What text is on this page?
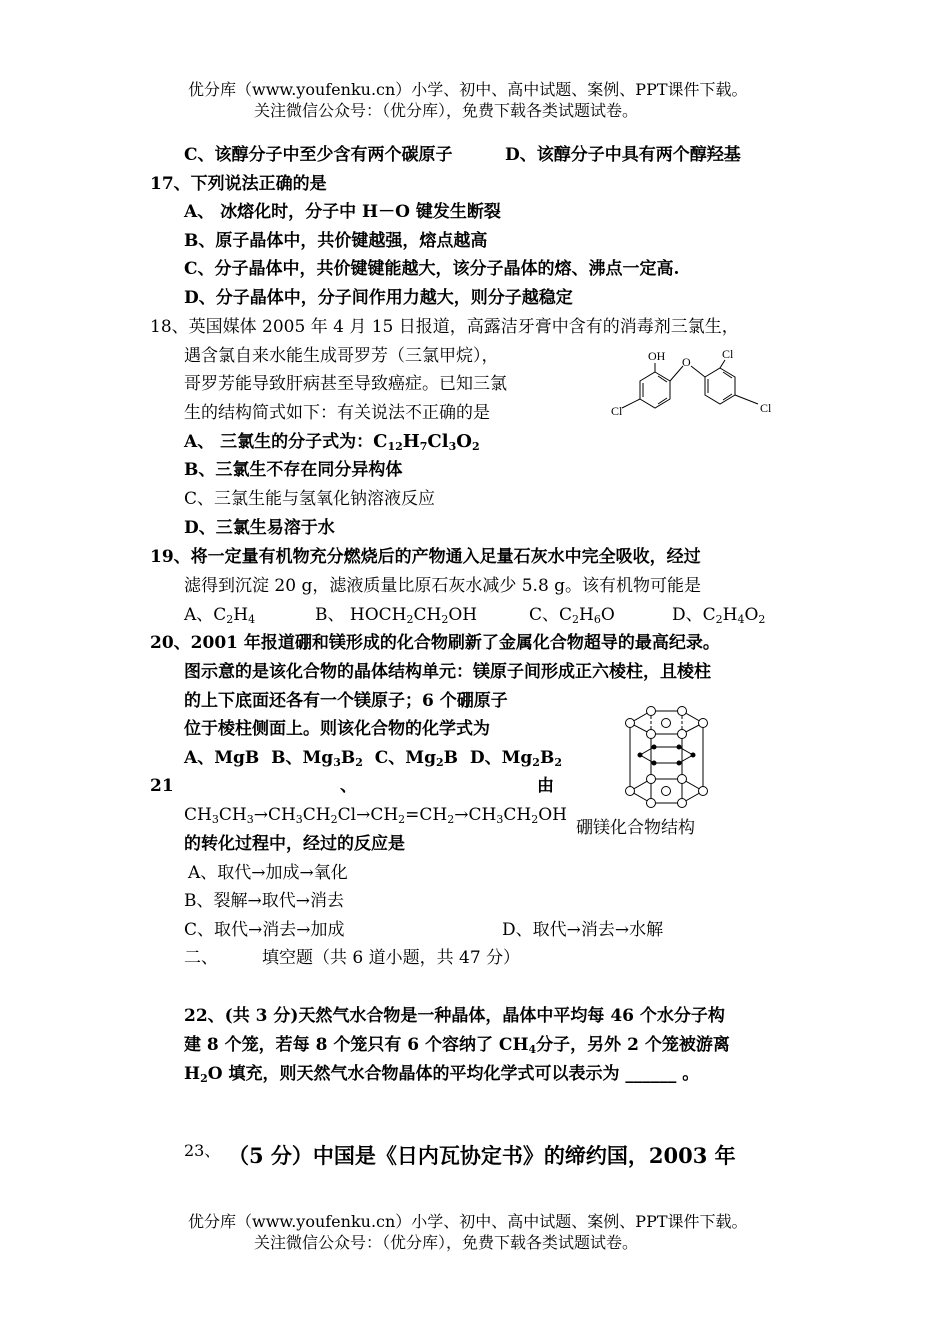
优分库（www.youfenku.cn）小学、初中、高中试题、案例、PPT课件下载。
关注微信公众号：（优分库），免费下载各类试题试卷。
C、该醇分子中至少含有两个碳原子	D、该醇分子中具有两个醇羟基
17、下列说法正确的是
A、 冰熔化时，分子中 H－O 键发生断裂
B、原子晶体中，共价键越强，熔点越高
C、分子晶体中，共价键键能越大，该分子晶体的熔、沸点一定高.
D、分子晶体中，分子间作用力越大，则分子越稳定
18、英国媒体 2005 年 4 月 15 日报道，高露洁牙膏中含有的消毒剂三氯生，
遇含氯自来水能生成哥罗芳（三氯甲烷），
哥罗芳能导致肝病甚至导致癌症。已知三氯
生的结构简式如下：有关说法不正确的是
A、 三氯生的分子式为：$C_{12}H_7Cl_3O_2$
B、三氯生不存在同分异构体
C、三氯生能与氢氧化钠溶液反应
D、三氯生易溶于水
OH O
Cl
Cl	Cl
19、将一定量有机物充分燃烧后的产物通入足量石灰水中完全吸收，经过
滤得到沉淀 20 g，滤液质量比原石灰水减少 5.8 g。该有机物可能是
A、$C_2H_4$	B、 $HOCH_2CH_2OH$	C、$C_2H_6O$	D、$C_2H_4O_2$
20、2001 年报道硼和镁形成的化合物刷新了金属化合物超导的最高纪录。
图示意的是该化合物的晶体结构单元：镁原子间形成正六棱柱，且棱柱
的上下底面还各有一个镁原子；6 个硼原子
位于棱柱侧面上。则该化合物的化学式为
A、MgB B、$Mg_3B_2$ C、$Mg_2B$ D、$Mg_2B_2$
硼镁化合物结构
21	、	由
$CH_3CH_3\to CH_3CH_2Cl\to CH_2=CH_2\to CH_3CH_2OH$
的转化过程中，经过的反应是
A、取代→加成→氧化
B、裂解→取代→消去
C、取代→消去→加成	D、取代→消去→水解
二、	填空题（共 6 道小题，共 47 分）
22、(共 3 分)天然气水合物是一种晶体，晶体中平均每 46 个水分子构
建 8 个笼，若每 8 个笼只有 6 个容纳了 $CH_4$分子，另外 2 个笼被游离
$H_2O$ 填充，则天然气水合物晶体的平均化学式可以表示为 ______ 。
23、 （5 分）中国是《日内瓦协定书》的缔约国，2003 年
优分库（www.youfenku.cn）小学、初中、高中试题、案例、PPT课件下载。
关注微信公众号：（优分库），免费下载各类试题试卷。
